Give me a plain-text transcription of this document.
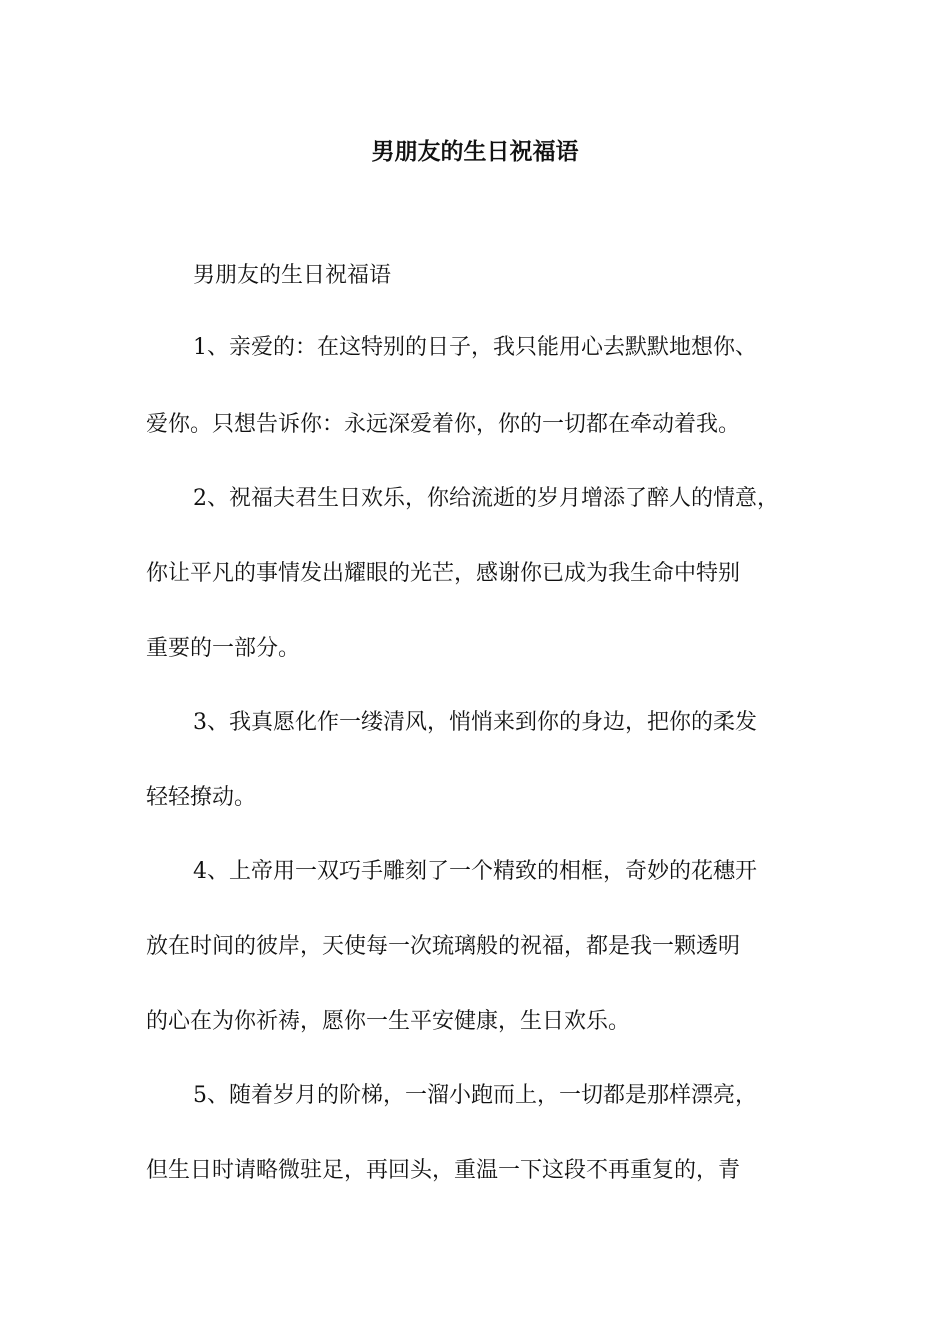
男朋友的生日祝福语

男朋友的生日祝福语

1、亲爱的：在这特别的日子，我只能用心去默默地想你、

爱你。只想告诉你：永远深爱着你，你的一切都在牵动着我。

2、祝福夫君生日欢乐，你给流逝的岁月增添了醉人的情意，

你让平凡的事情发出耀眼的光芒，感谢你已成为我生命中特别

重要的一部分。

3、我真愿化作一缕清风，悄悄来到你的身边，把你的柔发

轻轻撩动。

4、上帝用一双巧手雕刻了一个精致的相框，奇妙的花穗开

放在时间的彼岸，天使每一次琉璃般的祝福，都是我一颗透明

的心在为你祈祷，愿你一生平安健康，生日欢乐。

5、随着岁月的阶梯，一溜小跑而上，一切都是那样漂亮，

但生日时请略微驻足，再回头，重温一下这段不再重复的，青
